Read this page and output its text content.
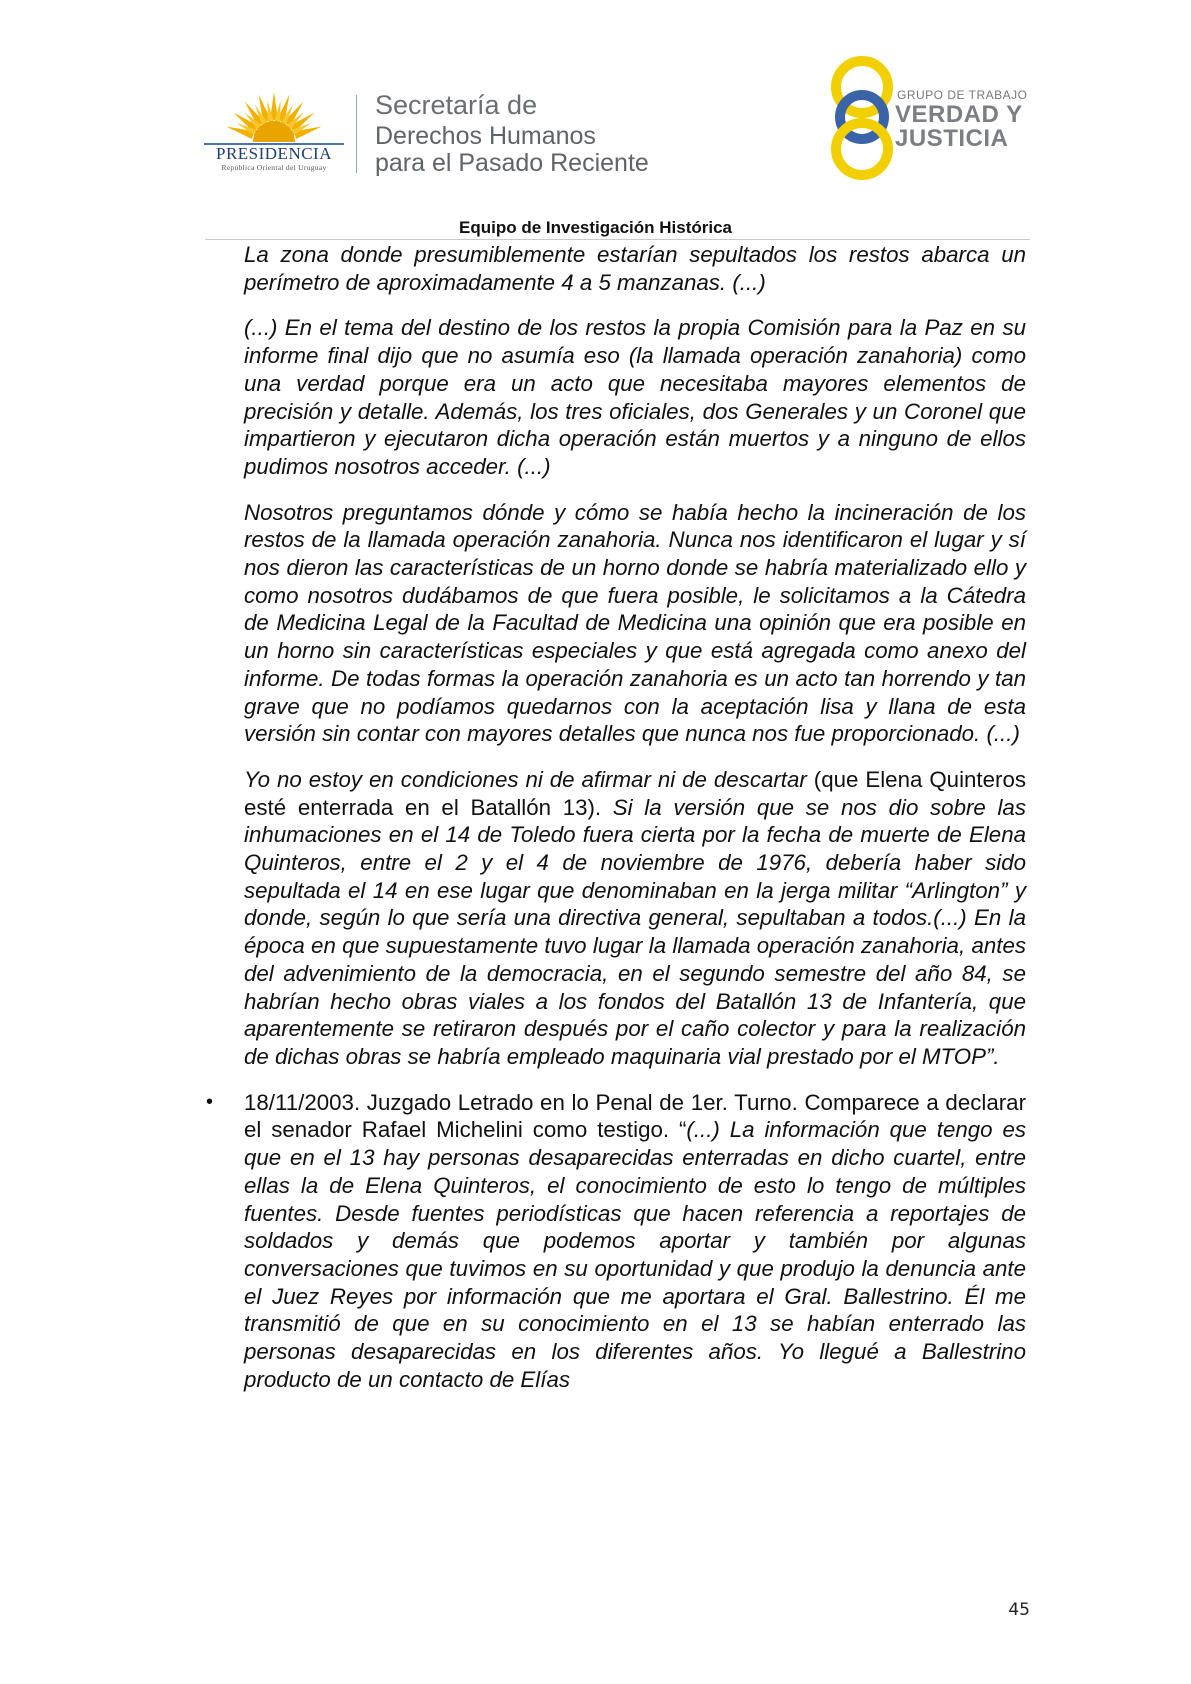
PRESIDENCIA
República Oriental del Uruguay
Secretaría de
Derechos Humanos
para el Pasado Reciente
GRUPO DE TRABAJO
VERDAD Y
JUSTICIA
Equipo de Investigación Histórica

La zona donde presumiblemente estarían sepultados los restos abarca un perímetro de aproximadamente 4 a 5 manzanas. (...)

(...) En el tema del destino de los restos la propia Comisión para la Paz en su informe final dijo que no asumía eso (la llamada operación zanahoria) como una verdad porque era un acto que necesitaba mayores elementos de precisión y detalle. Además, los tres oficiales, dos Generales y un Coronel que impartieron y ejecutaron dicha operación están muertos y a ninguno de ellos pudimos nosotros acceder. (...)

Nosotros preguntamos dónde y cómo se había hecho la incineración de los restos de la llamada operación zanahoria. Nunca nos identificaron el lugar y sí nos dieron las características de un horno donde se habría materializado ello y como nosotros dudábamos de que fuera posible, le solicitamos a la Cátedra de Medicina Legal de la Facultad de Medicina una opinión que era posible en un horno sin características especiales y que está agregada como anexo del informe. De todas formas la operación zanahoria es un acto tan horrendo y tan grave que no podíamos quedarnos con la aceptación lisa y llana de esta versión sin contar con mayores detalles que nunca nos fue proporcionado. (...)

Yo no estoy en condiciones ni de afirmar ni de descartar (que Elena Quinteros esté enterrada en el Batallón 13). Si la versión que se nos dio sobre las inhumaciones en el 14 de Toledo fuera cierta por la fecha de muerte de Elena Quinteros, entre el 2 y el 4 de noviembre de 1976, debería haber sido sepultada el 14 en ese lugar que denominaban en la jerga militar “Arlington” y donde, según lo que sería una directiva general, sepultaban a todos.(...) En la época en que supuestamente tuvo lugar la llamada operación zanahoria, antes del advenimiento de la democracia, en el segundo semestre del año 84, se habrían hecho obras viales a los fondos del Batallón 13 de Infantería, que aparentemente se retiraron después por el caño colector y para la realización de dichas obras se habría empleado maquinaria vial prestado por el MTOP”.

• 18/11/2003. Juzgado Letrado en lo Penal de 1er. Turno. Comparece a declarar el senador Rafael Michelini como testigo. “(...) La información que tengo es que en el 13 hay personas desaparecidas enterradas en dicho cuartel, entre ellas la de Elena Quinteros, el conocimiento de esto lo tengo de múltiples fuentes. Desde fuentes periodísticas que hacen referencia a reportajes de soldados y demás que podemos aportar y también por algunas conversaciones que tuvimos en su oportunidad y que produjo la denuncia ante el Juez Reyes por información que me aportara el Gral. Ballestrino. Él me transmitió de que en su conocimiento en el 13 se habían enterrado las personas desaparecidas en los diferentes años. Yo llegué a Ballestrino producto de un contacto de Elías

45
